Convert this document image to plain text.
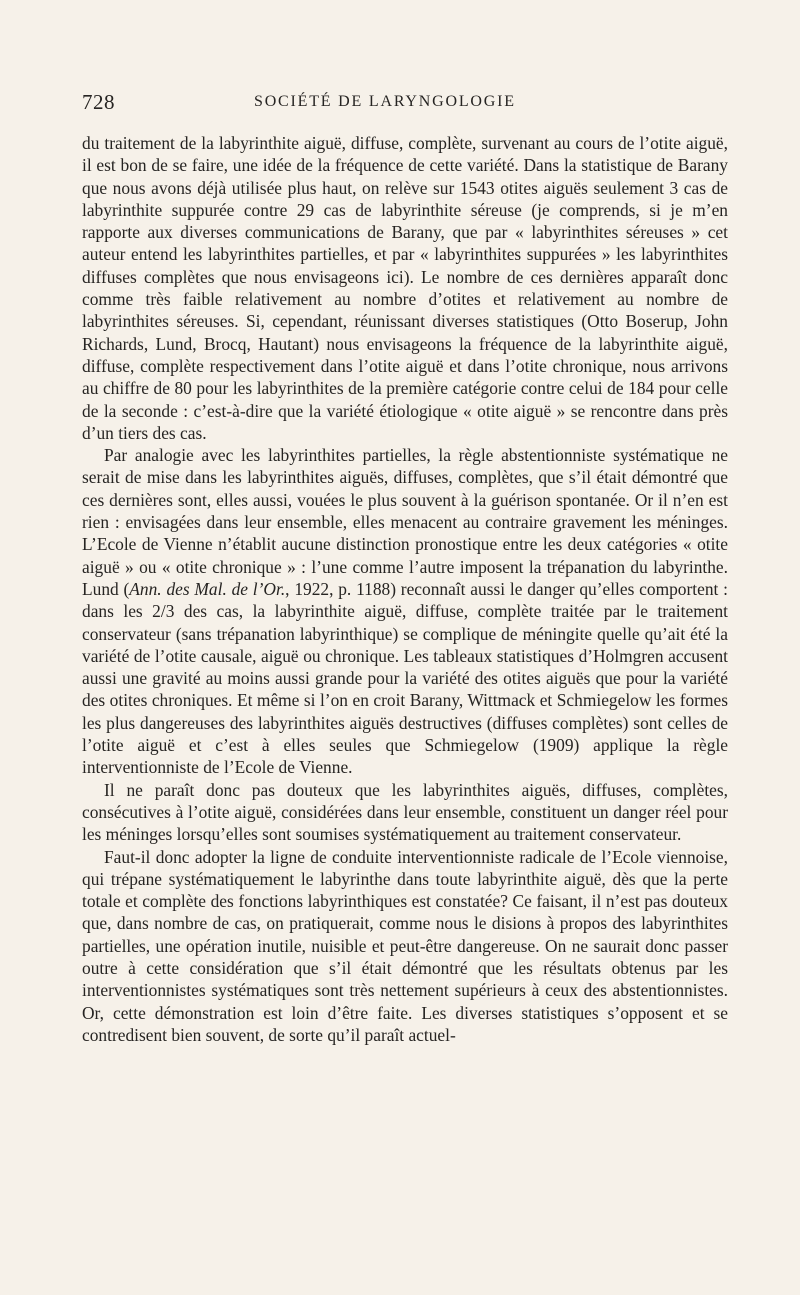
728	SOCIÉTÉ DE LARYNGOLOGIE

du traitement de la labyrinthite aiguë, diffuse, complète, survenant au cours de l’otite aiguë, il est bon de se faire, une idée de la fréquence de cette variété. Dans la statistique de Barany que nous avons déjà utilisée plus haut, on relève sur 1543 otites aiguës seulement 3 cas de labyrinthite suppurée contre 29 cas de labyrinthite séreuse (je comprends, si je m’en rapporte aux diverses communications de Barany, que par « labyrinthites séreuses » cet auteur entend les labyrinthites partielles, et par « labyrinthites suppurées » les labyrinthites diffuses complètes que nous envisageons ici). Le nombre de ces dernières apparaît donc comme très faible relativement au nombre d’otites et relativement au nombre de labyrinthites séreuses. Si, cependant, réunissant diverses statistiques (Otto Boserup, John Richards, Lund, Brocq, Hautant) nous envisageons la fréquence de la labyrinthite aiguë, diffuse, complète respectivement dans l’otite aiguë et dans l’otite chronique, nous arrivons au chiffre de 80 pour les labyrinthites de la première catégorie contre celui de 184 pour celle de la seconde : c’est-à-dire que la variété étiologique « otite aiguë » se rencontre dans près d’un tiers des cas.

Par analogie avec les labyrinthites partielles, la règle abstentionniste systématique ne serait de mise dans les labyrinthites aiguës, diffuses, complètes, que s’il était démontré que ces dernières sont, elles aussi, vouées le plus souvent à la guérison spontanée. Or il n’en est rien : envisagées dans leur ensemble, elles menacent au contraire gravement les méninges. L’Ecole de Vienne n’établit aucune distinction pronostique entre les deux catégories « otite aiguë » ou « otite chronique » : l’une comme l’autre imposent la trépanation du labyrinthe. Lund (Ann. des Mal. de l’Or., 1922, p. 1188) reconnaît aussi le danger qu’elles comportent : dans les 2/3 des cas, la labyrinthite aiguë, diffuse, complète traitée par le traitement conservateur (sans trépanation labyrinthique) se complique de méningite quelle qu’ait été la variété de l’otite causale, aiguë ou chronique. Les tableaux statistiques d’Holmgren accusent aussi une gravité au moins aussi grande pour la variété des otites aiguës que pour la variété des otites chroniques. Et même si l’on en croit Barany, Wittmack et Schmiegelow les formes les plus dangereuses des labyrinthites aiguës destructives (diffuses complètes) sont celles de l’otite aiguë et c’est à elles seules que Schmiegelow (1909) applique la règle interventionniste de l’Ecole de Vienne.

Il ne paraît donc pas douteux que les labyrinthites aiguës, diffuses, complètes, consécutives à l’otite aiguë, considérées dans leur ensemble, constituent un danger réel pour les méninges lorsqu’elles sont soumises systématiquement au traitement conservateur.

Faut-il donc adopter la ligne de conduite interventionniste radicale de l’Ecole viennoise, qui trépane systématiquement le labyrinthe dans toute labyrinthite aiguë, dès que la perte totale et complète des fonctions labyrinthiques est constatée? Ce faisant, il n’est pas douteux que, dans nombre de cas, on pratiquerait, comme nous le disions à propos des labyrinthites partielles, une opération inutile, nuisible et peut-être dangereuse. On ne saurait donc passer outre à cette considération que s’il était démontré que les résultats obtenus par les interventionnistes systématiques sont très nettement supérieurs à ceux des abstentionnistes. Or, cette démonstration est loin d’être faite. Les diverses statistiques s’opposent et se contredisent bien souvent, de sorte qu’il paraît actuel-
